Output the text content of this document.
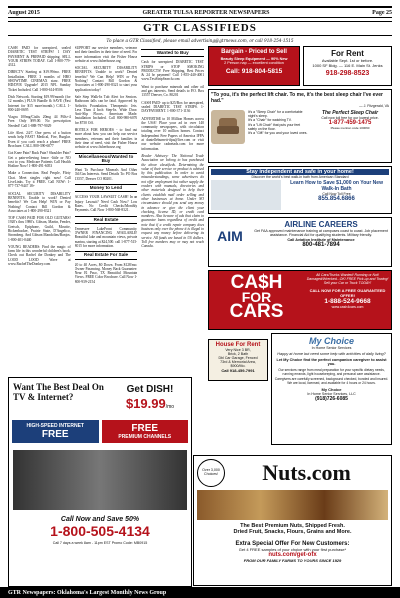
August 2015	GREATER TULSA REPORTER NEWSPAPERS	Page 25
GTR CLASSIFIEDS
To place a GTR Classified, please email advertising@gtrnews.com, or call 918-254-1515

CASH PAID for unexpired, sealed DIABETIC TEST STRIPS! 1 DAY PAYMENT & PREPAID shipping. SELL YOUR STRIPS TODAY. Call 1-800-779-4312.

DIRECTV Starting at $19.99/mo. FREE Installation. FREE 3 months of HBO SHOWTIME CINEMAX starz. FREE HD/DVR Upgrade! 2015 NFL Sunday Ticket Included. Call 1-800-614-8506

Dish Network. Starting $19.99/month (for 12 months.) PLUS Bundle & SAVE (Fast Internet for $15 more/month.) CALL 1-800-240-0695

Viagra 100mg/Cialis 20mg 44 Pills+4 Free. Only $99.00. No prescription Needed! Call 1-888-797-9029

Life Alert. 24/7. One press of a button sends help FAST! Medical, Fire, Burglar. Even if you can't reach a phone! FREE Brochure. CALL 800-390-6077

Got Knee Pain? Back Pain? Shoulder Pain? Get a pain-relieving brace -little or NO cost to you. Medicare Patients Call Health Hotline Now! 1-800-491-6053

Make a Connection. Real People, Flirty Chat. Meet singles right now! Call LiveLinks. Try it FREE. Call NOW: 1-877-737-9447 18+

SOCIAL SECURITY DISABILITY BENEFITS. Unable to work? Denied benefits? We Can Help! WIN or Pay Nothing! Contact Bill Gordon & Associates at 1-800-290-8321

TOP CASH PAID FOR OLD GUITARS! 1920's thru 1980's. Gibson, Martin, Fender, Gretsch, Epiphone, Guild, Mosrite, Rickenbacker, Prairie State, D'Angelico, Stromberg. And Gibson Mandolins/Banjos. 1-800-401-0440

YOUNG READERS: Find the magic of farm life in this wonderful children's book. Check out Rachel the Donkey and The LOOD LOOD Wave at www.RachelTheDonkey.com

SUPPORT our service members, veterans and their families in their time of need. For more information visit the Fisher House website at www.fisherhouse.org

SOCIAL SECURITY DISABILITY BENEFITS. Unable to work? Denied benefits? We Can Help! WIN or Pay Nothing! Contact Bill Gordon & Associates at 1-800-290-8321 to start your application today!

Safe Step Walk-In Tub Alert for Seniors. Bathroom falls can be fatal. Approved by Arthritis Foundation. Therapeutic Jets. Less Than 4 Inch Step-In. Wide Door. Anti-Slip Floors. American Made. Installation Included. Call 800-980-6076 for $750 Off.

HOTELS FOR HEROES - to find out more about how you can help our service members, veterans and their families in their time of need, visit the Fisher House website at www.fisherhouse.org

Miscellaneous/Wanted to Buy

Want To Purchase Minerals And Other Oil/Gas Interests. Send Details To: PO Box 13557, Denver CO 80201.

Money to Lend

ACCESS YOUR LAWSUIT CASH! In an Injury Lawsuit? Need Cash Now? Low Rates. No Credit Checks/Monthly Payments. Call Now 1-800-568-8321.

Real Estate

Tennessee LakeFront Community. OWNER FINANCING AVAILABLE! Beautiful lake and mountain views, private marina, starting at $24,500. call 1-877-515-8015 for more information.

Real Estate For Sale

20 to 40 Acres, $0 Down. From $128/mo. Owner Financing. Money Back Guarantee. Near El Paso, TX Beautiful Mountain Views. FREE Color Brochure. Call Now 1-800-939-2154

Wanted to Buy

Cash for unexpired DIABETIC TEST STRIPS or STOP SMOKING PRODUCTS! Free Shipping, Best Prices & 24 hr payment! Call 1-855-440-4001 www.TestStripSearch.com

Want to purchase minerals and other oil and gas interests. Send details to P.O. Box 13557 Denver, Co. 80201

CASH PAID- up to $25/Box for unexpired, sealed DIABETIC TEST STRIPS. 1-DAYPAYMENT. 1-800-371-1136

ADVERTISE to 10 Million Homes across the USA! Place your ad in over 140 community newspapers, with circulation totaling over 10 million homes. Contact Independent Free Papers of America IFPA at danielleburnett-ifpa@live.com or visit our website cadnetads.com for more information.

Reader Advisory: The National Trade Association we belong to has purchased the above classifieds. Determining the value of their service or product is advised by this publication. In order to avoid misunderstandings, some advertisers do not offer employment but rather supply the readers with manuals, directories and other materials designed to help their clients establish mail order selling and other businesses at home. Under NO circumstance should you send any money in advance or give the client your checking, license ID, or credit card numbers. Also beware of ads that claim to guarantee loans regardless of credit and note that if a credit repair company does business only over the phone it is illegal to request any money before delivering its service. All funds are based in US dollars. Toll free numbers may or may not reach Canada.

Bargain - Priced to Sell
Beauty Sleep Equipment — 90% New
2 Person nap — excellent condition
Call: 918-804-5815
For Rent
Available Sept. 1st or before.
1000 SF Bldg. — 116 E. Main St. Jenks
918-298-8523
"To you, it's the perfect lift chair. To me, it's the best sleep chair I've ever had."
— J. Fitzgerald, VA
It's a "Sleep Chair" for a comfortable night's sleep.
It's a "Chair" for watching TV.
It's a "Lift Chair" that puts your feet safely on the floor.
It's a "Gift" for you and your loved ones.
The Perfect Sleep Chair
Call now toll free for our lowest price.
1-877-459-1475
Please mention code 100060
Stay independent and safe in your home!
Discover the world's best walk-in bath from American Standard
Learn How to Save $1,000 on Your New Walk-In Bath
Call Now Toll Free
855.854.6866
AIM
AIRLINE CAREERS
Get FAA approved maintenance training at campuses coast to coast. Job placement assistance. Financial Aid for qualifying students. Military friendly.
Call Aviation Institute of Maintenance
800-481-7894
CA$H
FOR
CARS
All Cars/Trucks Wanted! Running or Not! Damaged/Wrecked...OK! FREE Pick-up and Towing! Sell your Car or Truck TODAY!
CALL NOW FOR A FREE GUARANTEED OFFER!
1-888-524-9668
www.cash4cars.com
House For Rent
Very Nice 3 BR,
Brick, 2 Bath
Dbl Car Garage, Fenced
73rd & Memorial Area,
$900/Mo.
Call 918-459-7991
My Choice
In Home Senior Services
Happy at home but need some help with activities of daily living?
Let My Choice find the perfect companion caregiver to assist you.
Our services range from meal preparation for your specific dietary needs, running errands, light housekeeping, and personal care assistance.
Caregivers are carefully screened, background checked, bonded and insured. We are local, licensed, and available for 4 hours or 24 hours.
My Choice
In Home Senior Services, LLC
(918)726-6085
Want The Best Deal On TV & Internet?
Get DISH!
$19.99/mo
HIGH-SPEED INTERNET
FREE
FREE
PREMIUM CHANNELS
Call Now and Save 50%
1-800-505-4134
Call 7 days a week 8am - 11pm EST Promo Code: MB0915
Over 3,000 Choices!	Nuts.com
The Best Premium Nuts, Shipped Fresh.
Dried Fruit, Snacks, Flours, Grains and More.
Extra Special Offer For New Customers:
Get 4 FREE samples of your choice with your first purchase*
nuts.com/get-ofx
FROM OUR FAMILY FARMS TO YOURS SINCE 1929
GTR Newspapers: Oklahoma's Largest Monthly News Group
